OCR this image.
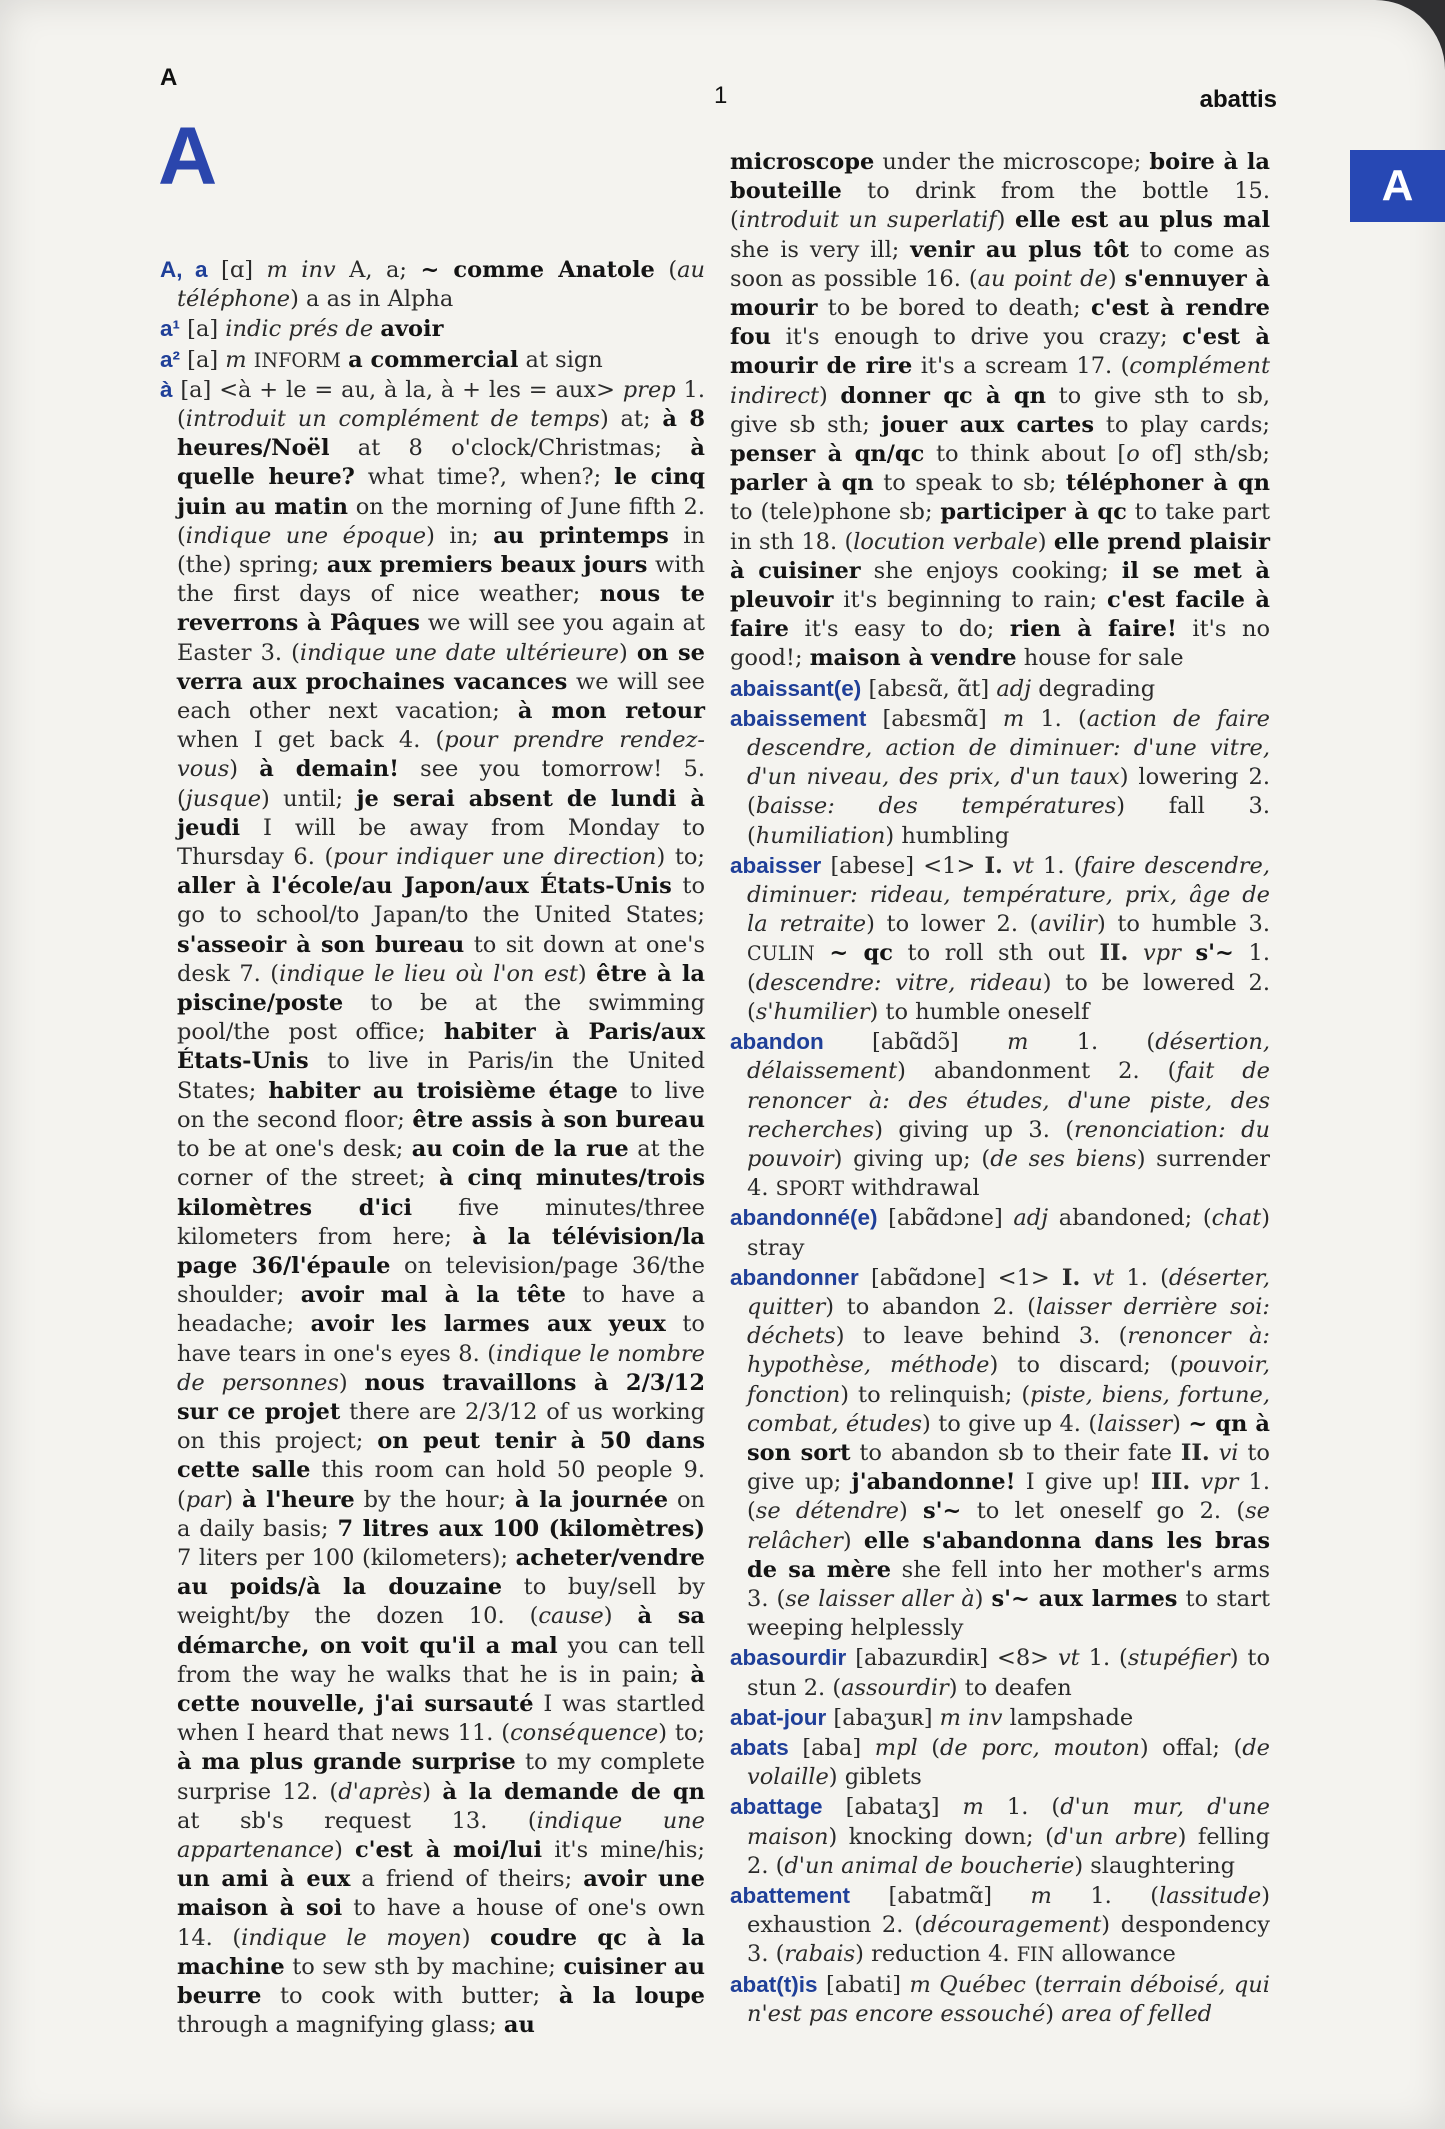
A
1	abattis
A	A

A, a [ɑ] m inv A, a; ~ comme Anatole (au téléphone) a as in Alpha

a¹ [a] indic prés de avoir

a² [a] m INFORM a commercial at sign

à [a] <à + le = au, à la, à + les = aux> prep 1. (introduit un complément de temps) at; à 8 heures/Noël at 8 o'clock/Christmas; à quelle heure? what time?, when?; le cinq juin au matin on the morning of June fifth 2. (indique une époque) in; au printemps in (the) spring; aux premiers beaux jours with the first days of nice weather; nous te reverrons à Pâques we will see you again at Easter 3. (indique une date ultérieure) on se verra aux prochaines vacances we will see each other next vacation; à mon retour when I get back 4. (pour prendre rendez-vous) à demain! see you tomorrow! 5. (jusque) until; je serai absent de lundi à jeudi I will be away from Monday to Thursday 6. (pour indiquer une direction) to; aller à l'école/au Japon/aux États-Unis to go to school/to Japan/to the United States; s'asseoir à son bureau to sit down at one's desk 7. (indique le lieu où l'on est) être à la piscine/poste to be at the swimming pool/the post office; habiter à Paris/aux États-Unis to live in Paris/in the United States; habiter au troisième étage to live on the second floor; être assis à son bureau to be at one's desk; au coin de la rue at the corner of the street; à cinq minutes/trois kilomètres d'ici five minutes/three kilometers from here; à la télévision/la page 36/l'épaule on television/page 36/the shoulder; avoir mal à la tête to have a headache; avoir les larmes aux yeux to have tears in one's eyes 8. (indique le nombre de personnes) nous travaillons à 2/3/12 sur ce projet there are 2/3/12 of us working on this project; on peut tenir à 50 dans cette salle this room can hold 50 people 9. (par) à l'heure by the hour; à la journée on a daily basis; 7 litres aux 100 (kilomètres) 7 liters per 100 (kilometers); acheter/vendre au poids/à la douzaine to buy/sell by weight/by the dozen 10. (cause) à sa démarche, on voit qu'il a mal you can tell from the way he walks that he is in pain; à cette nouvelle, j'ai sursauté I was startled when I heard that news 11. (conséquence) to; à ma plus grande surprise to my complete surprise 12. (d'après) à la demande de qn at sb's request 13. (indique une appartenance) c'est à moi/lui it's mine/his; un ami à eux a friend of theirs; avoir une maison à soi to have a house of one's own 14. (indique le moyen) coudre qc à la machine to sew sth by machine; cuisiner au beurre to cook with butter; à la loupe through a magnifying glass; au

microscope under the microscope; boire à la bouteille to drink from the bottle 15. (introduit un superlatif) elle est au plus mal she is very ill; venir au plus tôt to come as soon as possible 16. (au point de) s'ennuyer à mourir to be bored to death; c'est à rendre fou it's enough to drive you crazy; c'est à mourir de rire it's a scream 17. (complément indirect) donner qc à qn to give sth to sb, give sb sth; jouer aux cartes to play cards; penser à qn/qc to think about [o of] sth/sb; parler à qn to speak to sb; téléphoner à qn to (tele)phone sb; participer à qc to take part in sth 18. (locution verbale) elle prend plaisir à cuisiner she enjoys cooking; il se met à pleuvoir it's beginning to rain; c'est facile à faire it's easy to do; rien à faire! it's no good!; maison à vendre house for sale

abaissant(e) [abɛsɑ̃, ɑ̃t] adj degrading

abaissement [abɛsmɑ̃] m 1. (action de faire descendre, action de diminuer: d'une vitre, d'un niveau, des prix, d'un taux) lowering 2. (baisse: des températures) fall 3. (humiliation) humbling

abaisser [abese] <1> I. vt 1. (faire descendre, diminuer: rideau, température, prix, âge de la retraite) to lower 2. (avilir) to humble 3. CULIN ~ qc to roll sth out II. vpr s'~ 1. (descendre: vitre, rideau) to be lowered 2. (s'humilier) to humble oneself

abandon [abɑ̃dɔ̃] m 1. (désertion, délaissement) abandonment 2. (fait de renoncer à: des études, d'une piste, des recherches) giving up 3. (renonciation: du pouvoir) giving up; (de ses biens) surrender 4. SPORT withdrawal

abandonné(e) [abɑ̃dɔne] adj abandoned; (chat) stray

abandonner [abɑ̃dɔne] <1> I. vt 1. (déserter, quitter) to abandon 2. (laisser derrière soi: déchets) to leave behind 3. (renoncer à: hypothèse, méthode) to discard; (pouvoir, fonction) to relinquish; (piste, biens, fortune, combat, études) to give up 4. (laisser) ~ qn à son sort to abandon sb to their fate II. vi to give up; j'abandonne! I give up! III. vpr 1. (se détendre) s'~ to let oneself go 2. (se relâcher) elle s'abandonna dans les bras de sa mère she fell into her mother's arms 3. (se laisser aller à) s'~ aux larmes to start weeping helplessly

abasourdir [abazuʀdiʀ] <8> vt 1. (stupéfier) to stun 2. (assourdir) to deafen

abat-jour [abaʒuʀ] m inv lampshade

abats [aba] mpl (de porc, mouton) offal; (de volaille) giblets

abattage [abataʒ] m 1. (d'un mur, d'une maison) knocking down; (d'un arbre) felling 2. (d'un animal de boucherie) slaughtering

abattement [abatmɑ̃] m 1. (lassitude) exhaustion 2. (découragement) despondency 3. (rabais) reduction 4. FIN allowance

abat(t)is [abati] m Québec (terrain déboisé, qui n'est pas encore essouché) area of felled
